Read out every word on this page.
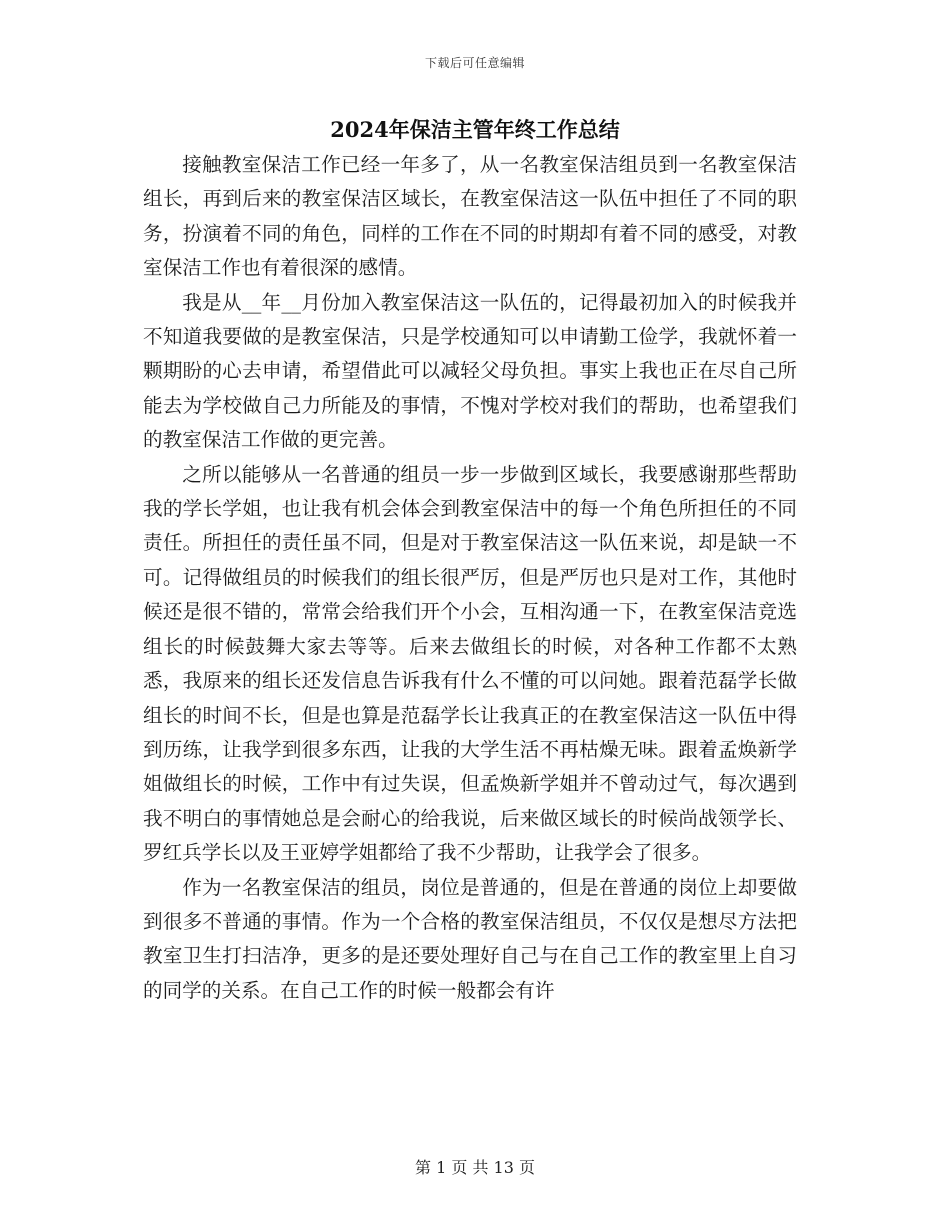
下载后可任意编辑
2024年保洁主管年终工作总结

接触教室保洁工作已经一年多了，从一名教室保洁组员到一名教室保洁组长，再到后来的教室保洁区域长，在教室保洁这一队伍中担任了不同的职务，扮演着不同的角色，同样的工作在不同的时期却有着不同的感受，对教室保洁工作也有着很深的感情。

我是从__年__月份加入教室保洁这一队伍的，记得最初加入的时候我并不知道我要做的是教室保洁，只是学校通知可以申请勤工俭学，我就怀着一颗期盼的心去申请，希望借此可以减轻父母负担。事实上我也正在尽自己所能去为学校做自己力所能及的事情，不愧对学校对我们的帮助，也希望我们的教室保洁工作做的更完善。

之所以能够从一名普通的组员一步一步做到区域长，我要感谢那些帮助我的学长学姐，也让我有机会体会到教室保洁中的每一个角色所担任的不同责任。所担任的责任虽不同，但是对于教室保洁这一队伍来说，却是缺一不可。记得做组员的时候我们的组长很严厉，但是严厉也只是对工作，其他时候还是很不错的，常常会给我们开个小会，互相沟通一下，在教室保洁竞选组长的时候鼓舞大家去等等。后来去做组长的时候，对各种工作都不太熟悉，我原来的组长还发信息告诉我有什么不懂的可以问她。跟着范磊学长做组长的时间不长，但是也算是范磊学长让我真正的在教室保洁这一队伍中得到历练，让我学到很多东西，让我的大学生活不再枯燥无味。跟着孟焕新学姐做组长的时候，工作中有过失误，但孟焕新学姐并不曾动过气，每次遇到我不明白的事情她总是会耐心的给我说，后来做区域长的时候尚战领学长、罗红兵学长以及王亚婷学姐都给了我不少帮助，让我学会了很多。

作为一名教室保洁的组员，岗位是普通的，但是在普通的岗位上却要做到很多不普通的事情。作为一个合格的教室保洁组员，不仅仅是想尽方法把教室卫生打扫洁净，更多的是还要处理好自己与在自己工作的教室里上自习的同学的关系。在自己工作的时候一般都会有许

第 1 页 共 13 页
